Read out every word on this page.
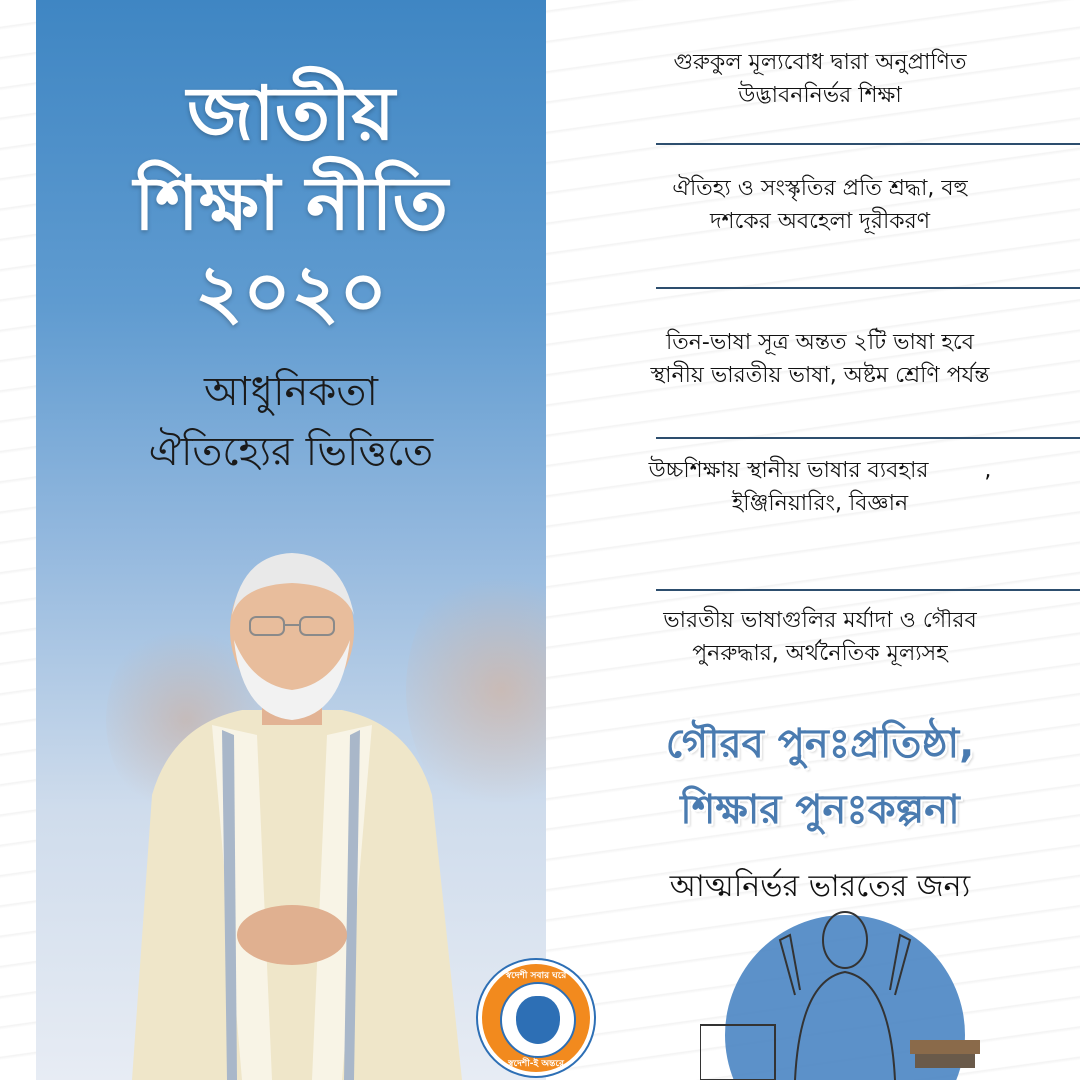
জাতীয়
শিক্ষা নীতি
২০২০
আধুনিকতা
ঐতিহ্যের ভিত্তিতে
স্বদেশী সবার ঘরে
স্বদেশী-ই অন্তরে
গুরুকুল মূল্যবোধ দ্বারা অনুপ্রাণিত
উদ্ভাবননির্ভর শিক্ষা
ঐতিহ্য ও সংস্কৃতির প্রতি শ্রদ্ধা, বহু
দশকের অবহেলা দূরীকরণ
তিন-ভাষা সূত্র অন্তত ২টি ভাষা হবে
স্থানীয় ভারতীয় ভাষা, অষ্টম শ্রেণি পর্যন্ত
উচ্চশিক্ষায় স্থানীয় ভাষার ব্যবহার        ,
ইঞ্জিনিয়ারিং, বিজ্ঞান
ভারতীয় ভাষাগুলির মর্যাদা ও গৌরব
পুনরুদ্ধার, অর্থনৈতিক মূল্যসহ
গৌরব পুনঃপ্রতিষ্ঠা,
শিক্ষার পুনঃকল্পনা
আত্মনির্ভর ভারতের জন্য
